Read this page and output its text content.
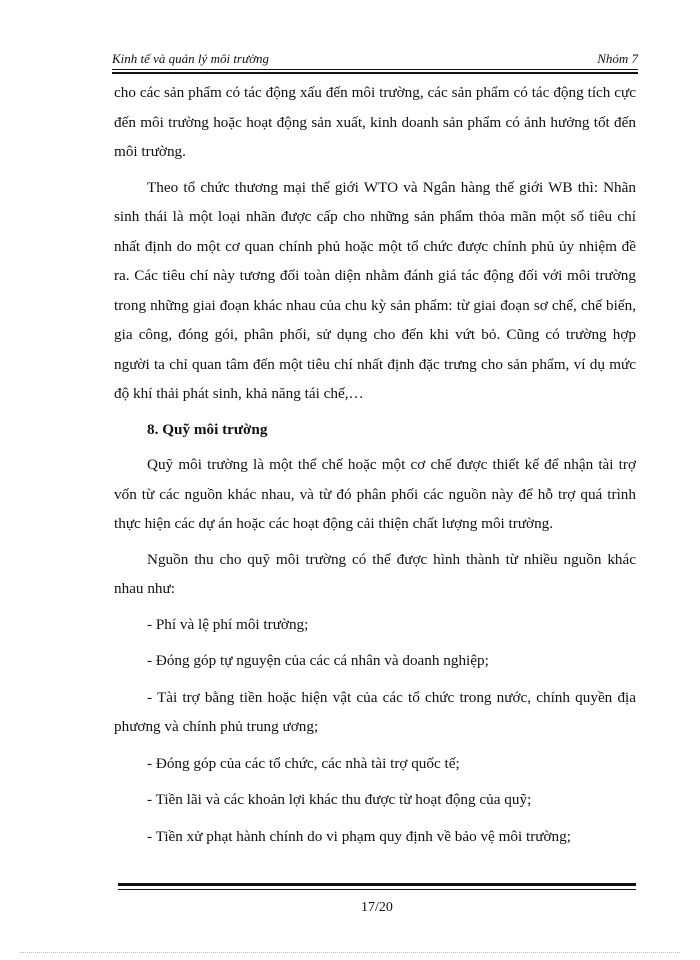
Kinh tế và quản lý môi trường	Nhóm 7

cho các sản phẩm có tác động xấu đến môi trường, các sản phẩm có tác động tích cực đến môi trường hoặc hoạt động sản xuất, kinh doanh sản phẩm có ảnh hưởng tốt đến môi trường.

Theo tổ chức thương mại thế giới WTO và Ngân hàng thế giới WB thì: Nhãn sinh thái là một loại nhãn được cấp cho những sản phẩm thỏa mãn một số tiêu chí nhất định do một cơ quan chính phủ hoặc một tổ chức được chính phủ ủy nhiệm đề ra. Các tiêu chí này tương đối toàn diện nhằm đánh giá tác động đối với môi trường trong những giai đoạn khác nhau của chu kỳ sản phẩm: từ giai đoạn sơ chế, chế biến, gia công, đóng gói, phân phối, sử dụng cho đến khi vứt bỏ. Cũng có trường hợp người ta chỉ quan tâm đến một tiêu chí nhất định đặc trưng cho sản phẩm, ví dụ mức độ khí thải phát sinh, khả năng tái chế,…

8. Quỹ môi trường

Quỹ môi trường là một thể chế hoặc một cơ chế được thiết kế để nhận tài trợ vốn từ các nguồn khác nhau, và từ đó phân phối các nguồn này để hỗ trợ quá trình thực hiện các dự án hoặc các hoạt động cải thiện chất lượng môi trường.

Nguồn thu cho quỹ môi trường có thể được hình thành từ nhiều nguồn khác nhau như:

- Phí và lệ phí môi trường;

- Đóng góp tự nguyện của các cá nhân và doanh nghiệp;

- Tài trợ bằng tiền hoặc hiện vật của các tổ chức trong nước, chính quyền địa phương và chính phủ trung ương;

- Đóng góp của các tổ chức, các nhà tài trợ quốc tế;

- Tiền lãi và các khoản lợi khác thu được từ hoạt động của quỹ;

- Tiền xử phạt hành chính do vi phạm quy định về bảo vệ môi trường;

17/20
